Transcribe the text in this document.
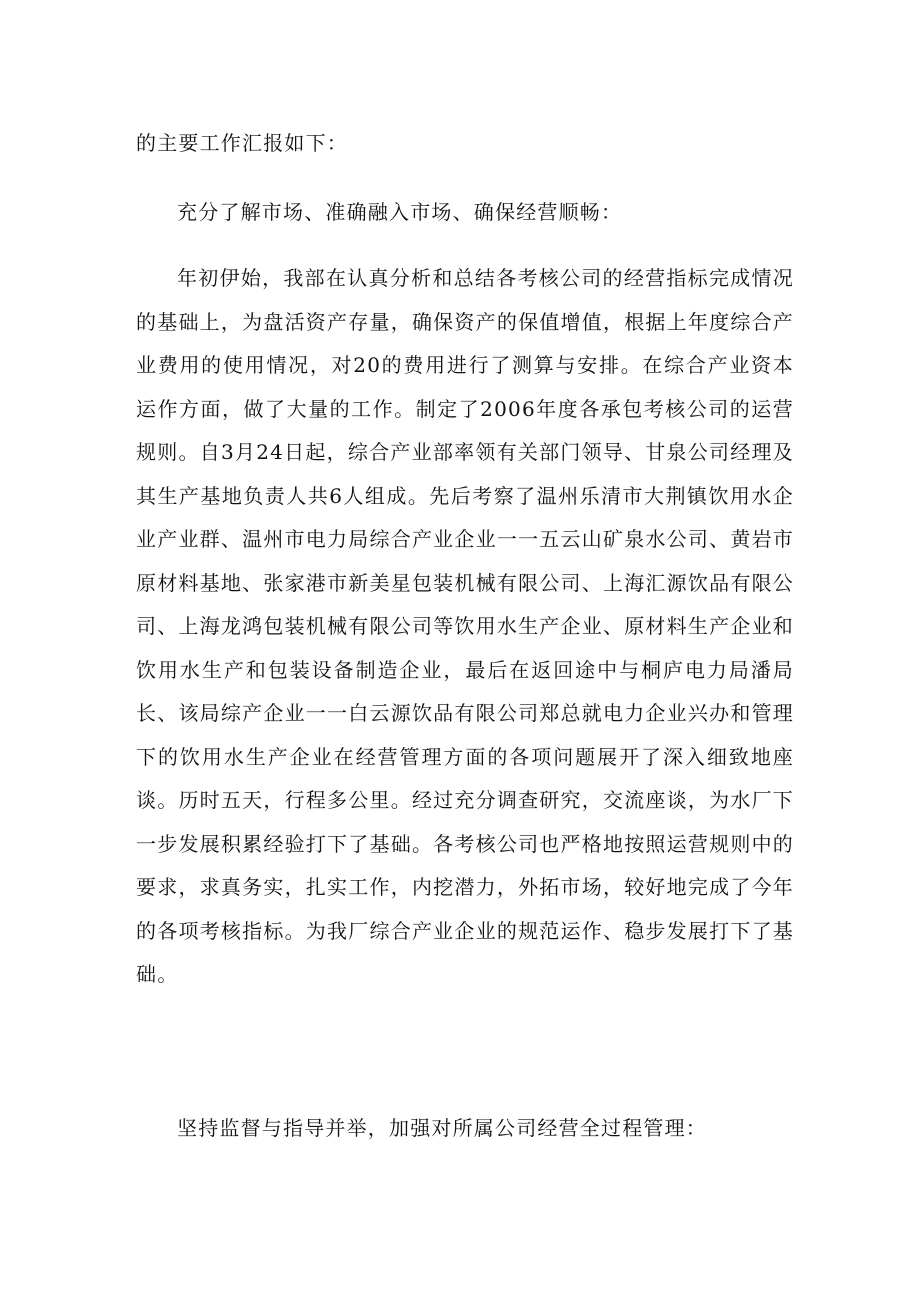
的主要工作汇报如下：

充分了解市场、准确融入市场、确保经营顺畅：

年初伊始，我部在认真分析和总结各考核公司的经营指标完成情况的基础上，为盘活资产存量，确保资产的保值增值，根据上年度综合产业费用的使用情况，对20的费用进行了测算与安排。在综合产业资本运作方面，做了大量的工作。制定了2006年度各承包考核公司的运营规则。自3月24日起，综合产业部率领有关部门领导、甘泉公司经理及其生产基地负责人共6人组成。先后考察了温州乐清市大荆镇饮用水企业产业群、温州市电力局综合产业企业一一五云山矿泉水公司、黄岩市原材料基地、张家港市新美星包装机械有限公司、上海汇源饮品有限公司、上海龙鸿包装机械有限公司等饮用水生产企业、原材料生产企业和饮用水生产和包装设备制造企业，最后在返回途中与桐庐电力局潘局长、该局综产企业一一白云源饮品有限公司郑总就电力企业兴办和管理下的饮用水生产企业在经营管理方面的各项问题展开了深入细致地座谈。历时五天，行程多公里。经过充分调查研究，交流座谈，为水厂下一步发展积累经验打下了基础。各考核公司也严格地按照运营规则中的要求，求真务实，扎实工作，内挖潜力，外拓市场，较好地完成了今年的各项考核指标。为我厂综合产业企业的规范运作、稳步发展打下了基础。

坚持监督与指导并举，加强对所属公司经营全过程管理：
